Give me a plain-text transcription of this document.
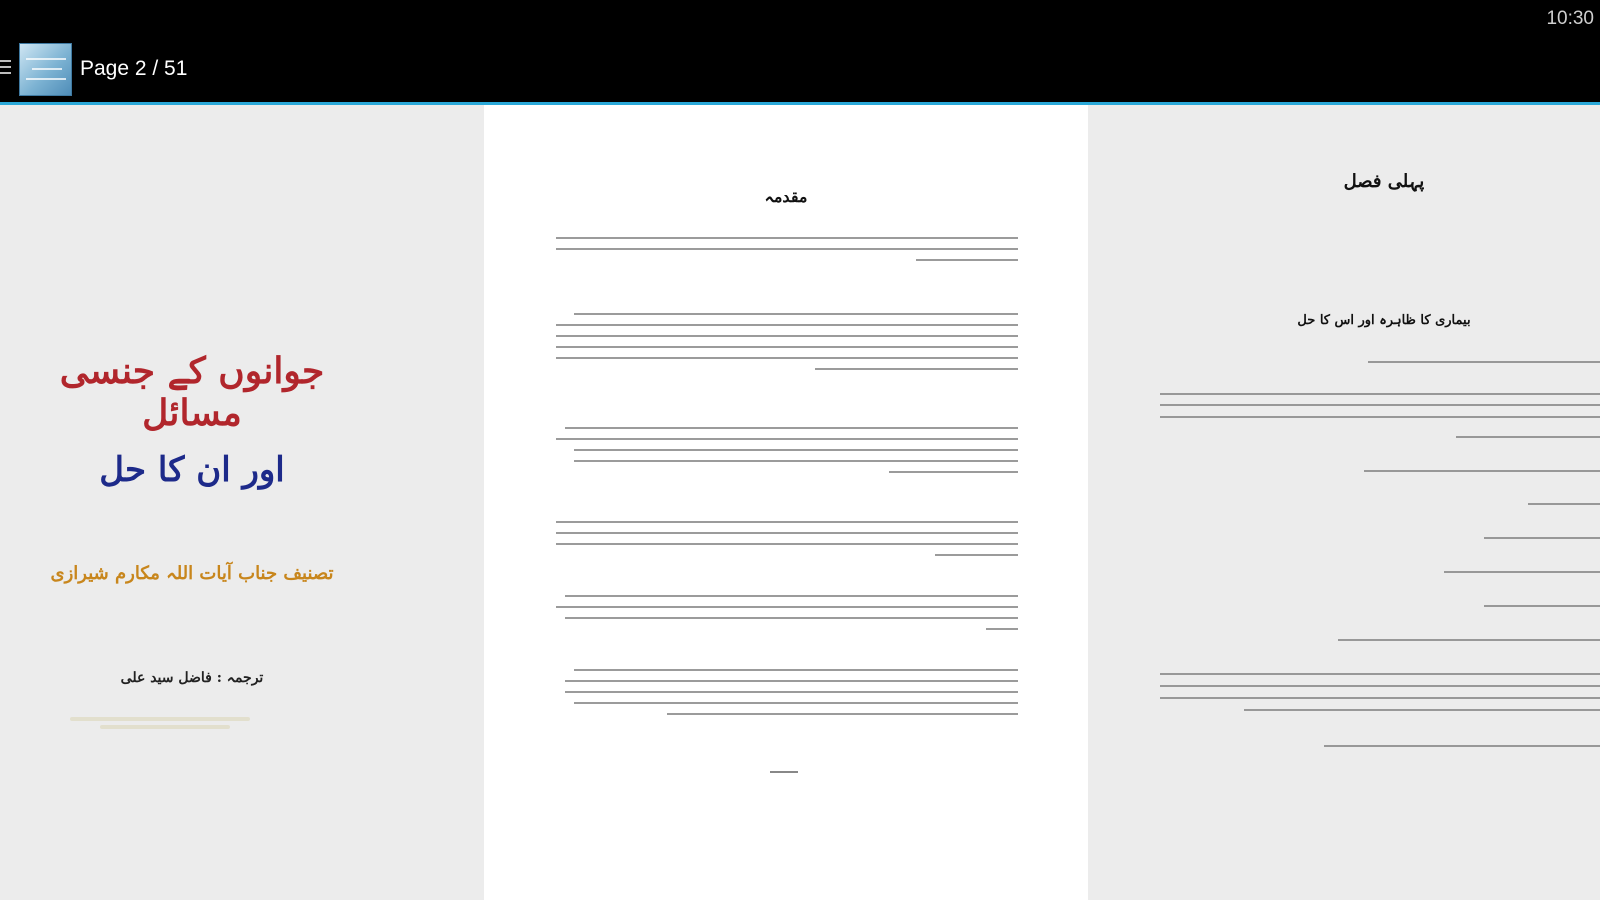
10:30
Page 2 / 51
جوانوں کے جنسی مسائل
اور ان کا حل
تصنیف جناب آیات اللہ مکارم شیرازی
ترجمہ : فاضل سید علی
مقدمہ
پہلی فصل
بیماری کا ظاہرہ اور اس کا حل
